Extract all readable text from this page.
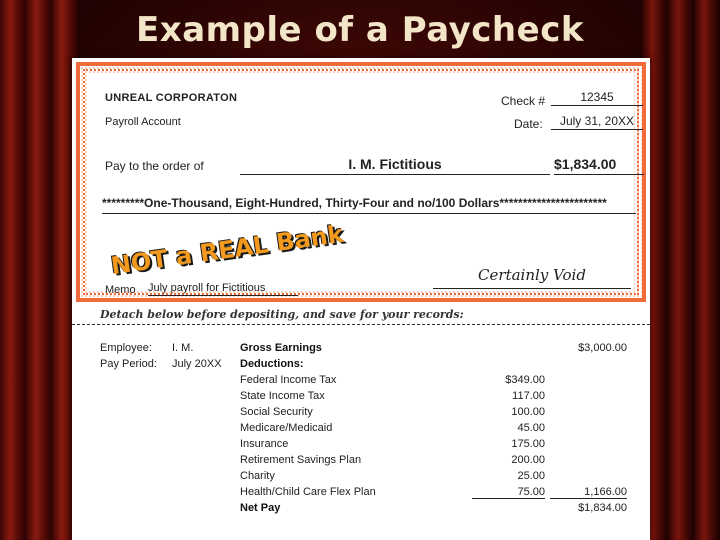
Example of a Paycheck
UNREAL CORPORATON
Payroll Account
Check #	12345
Date:	July 31, 20XX
Pay to the order of	I. M. Fictitious	$1,834.00
*********One-Thousand, Eight-Hundred, Thirty-Four and no/100 Dollars***********************
NOT a REAL Bank
Memo July payroll for Fictitious
Certainly Void
Detach below before depositing, and save for your records:
Employee: I. M.	Gross Earnings	$3,000.00
Pay Period: July 20XX Deductions:
Federal Income Tax	$349.00
State Income Tax	117.00
Social Security	100.00
Medicare/Medicaid	45.00
Insurance	175.00
Retirement Savings Plan	200.00
Charity	25.00
Health/Child Care Flex Plan	75.00	1,166.00
Net Pay	$1,834.00
